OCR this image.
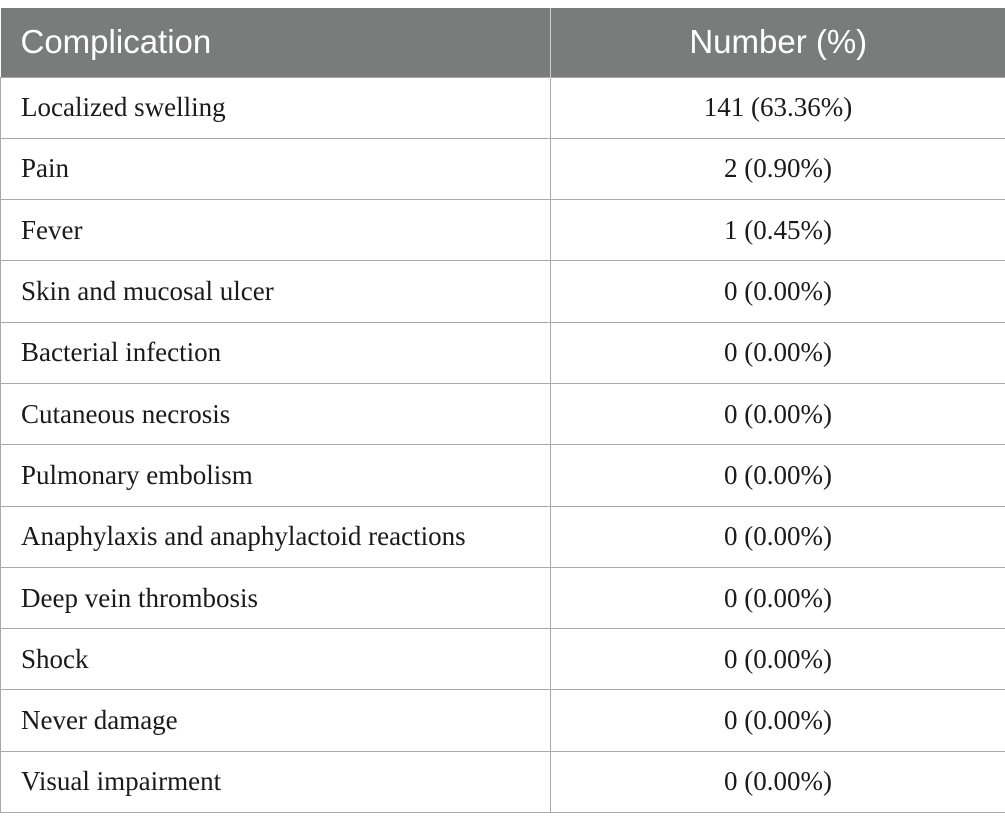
Complication	Number (%)
Localized swelling	141 (63.36%)
Pain	2 (0.90%)
Fever	1 (0.45%)
Skin and mucosal ulcer	0 (0.00%)
Bacterial infection	0 (0.00%)
Cutaneous necrosis	0 (0.00%)
Pulmonary embolism	0 (0.00%)
Anaphylaxis and anaphylactoid reactions	0 (0.00%)
Deep vein thrombosis	0 (0.00%)
Shock	0 (0.00%)
Never damage	0 (0.00%)
Visual impairment	0 (0.00%)
